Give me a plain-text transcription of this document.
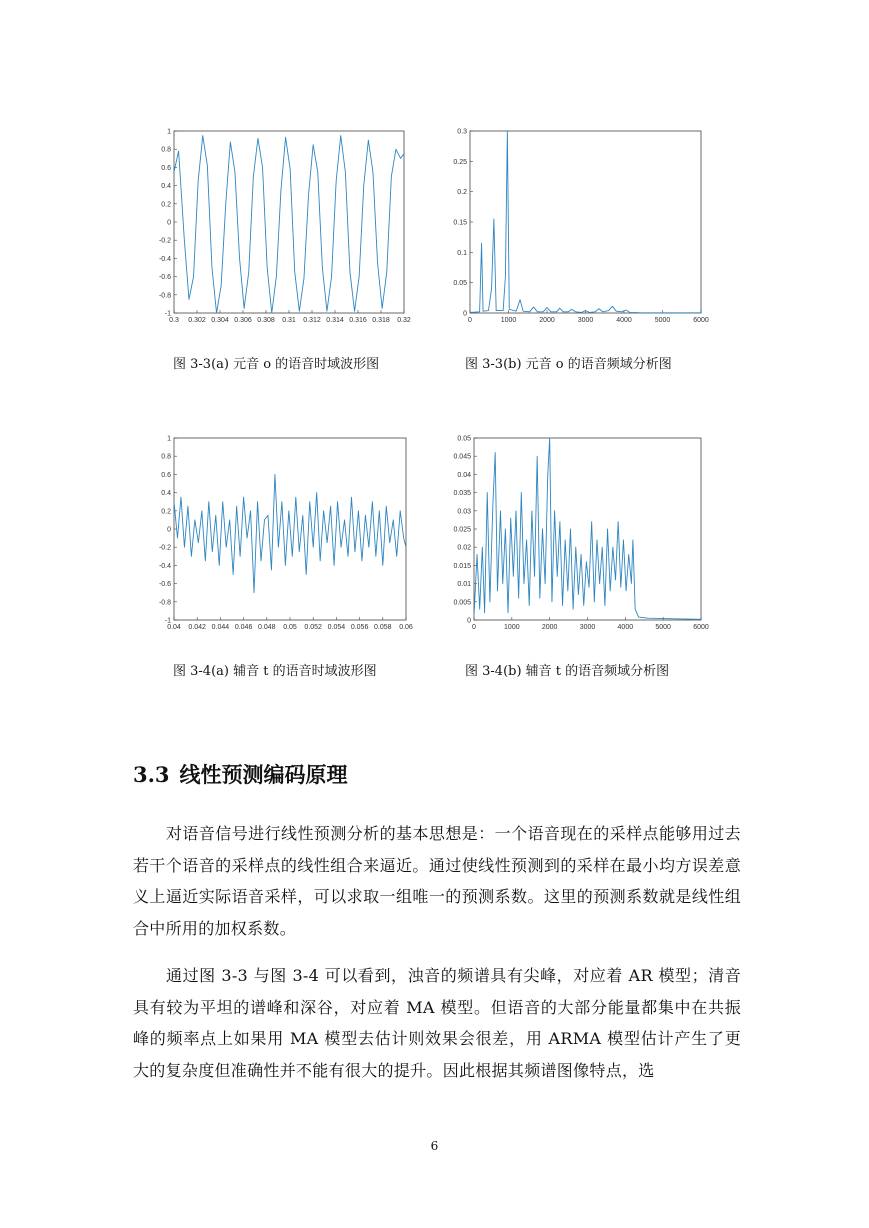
0.3 0.302 0.304 0.306 0.308 0.31 0.312 0.314 0.316 0.318 0.32
-1
-0.8
-0.6
-0.4
-0.2
0
0.2
0.4
0.6
0.8
1
图 3-3(a) 元音 o 的语音时域波形图
0	1000	2000	3000	4000	5000	6000
0
0.05
0.1
0.15
0.2
0.25
0.3
图 3-3(b) 元音 o 的语音频域分析图
0.04 0.042 0.044 0.046 0.048 0.05 0.052 0.054 0.056 0.058 0.06
-1
-0.8
-0.6
-0.4
-0.2
0
0.2
0.4
0.6
0.8
1
图 3-4(a) 辅音 t 的语音时域波形图
0	1000	2000	3000	4000	5000	6000
0
0.005
0.01
0.015
0.02
0.025
0.03
0.035
0.04
0.045
0.05
图 3-4(b) 辅音 t 的语音频域分析图
3.3 线性预测编码原理
对语音信号进行线性预测分析的基本思想是：一个语音现在的采样点能够用过去若干个语音的采样点的线性组合来逼近。通过使线性预测到的采样在最小均方误差意义上逼近实际语音采样，可以求取一组唯一的预测系数。这里的预测系数就是线性组合中所用的加权系数。
通过图 3-3 与图 3-4 可以看到，浊音的频谱具有尖峰，对应着 AR 模型；清音具有较为平坦的谱峰和深谷，对应着 MA 模型。但语音的大部分能量都集中在共振峰的频率点上如果用 MA 模型去估计则效果会很差，用 ARMA 模型估计产生了更大的复杂度但准确性并不能有很大的提升。因此根据其频谱图像特点，选
6
